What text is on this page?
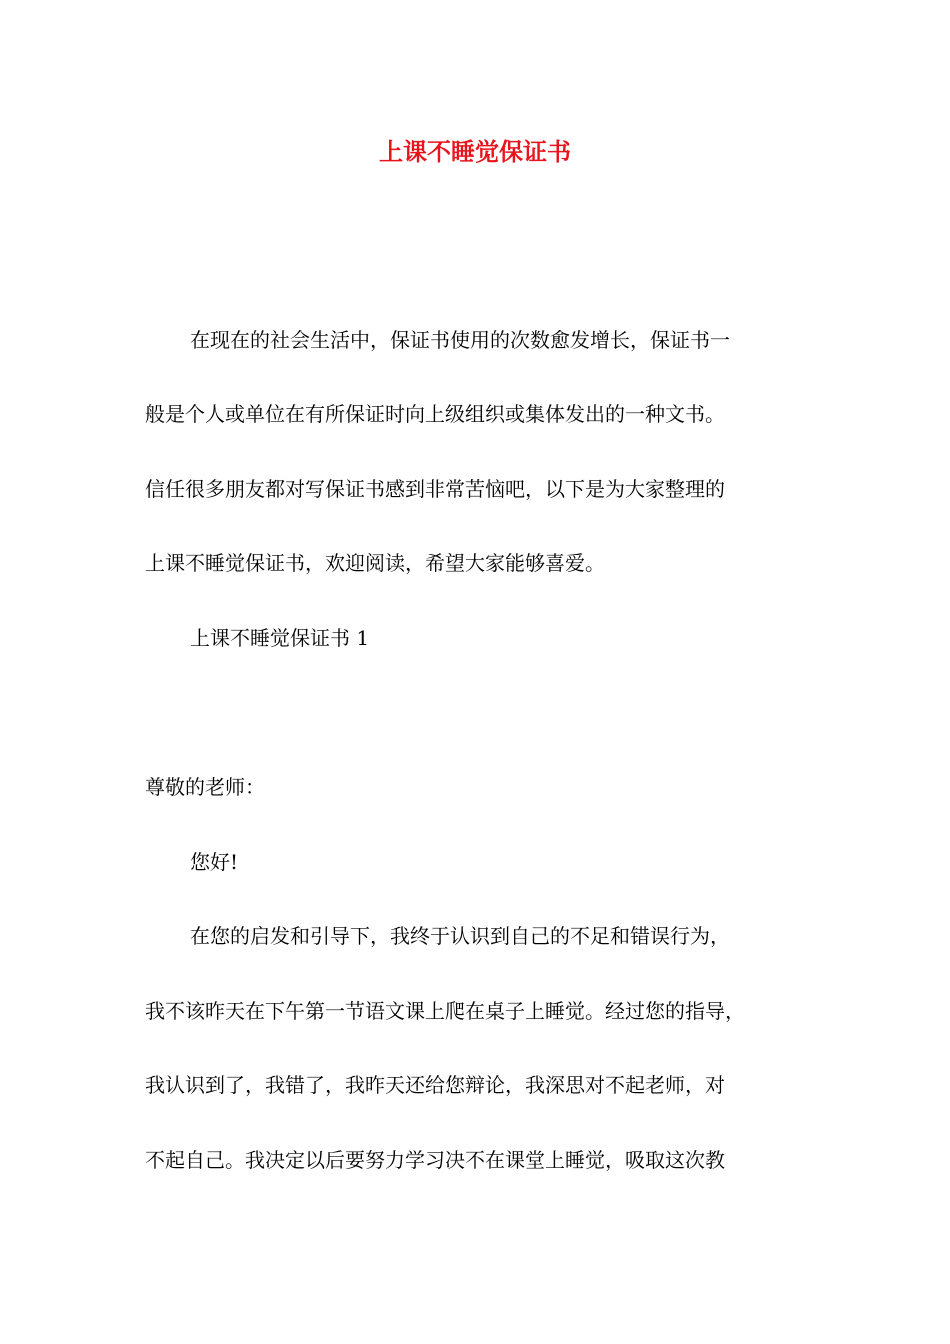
上课不睡觉保证书
在现在的社会生活中，保证书使用的次数愈发增长，保证书一
般是个人或单位在有所保证时向上级组织或集体发出的一种文书。
信任很多朋友都对写保证书感到非常苦恼吧，以下是为大家整理的
上课不睡觉保证书，欢迎阅读，希望大家能够喜爱。
上课不睡觉保证书 1
尊敬的老师：
您好!
在您的启发和引导下，我终于认识到自己的不足和错误行为，
我不该昨天在下午第一节语文课上爬在桌子上睡觉。经过您的指导，
我认识到了，我错了，我昨天还给您辩论，我深思对不起老师，对
不起自己。我决定以后要努力学习决不在课堂上睡觉，吸取这次教
